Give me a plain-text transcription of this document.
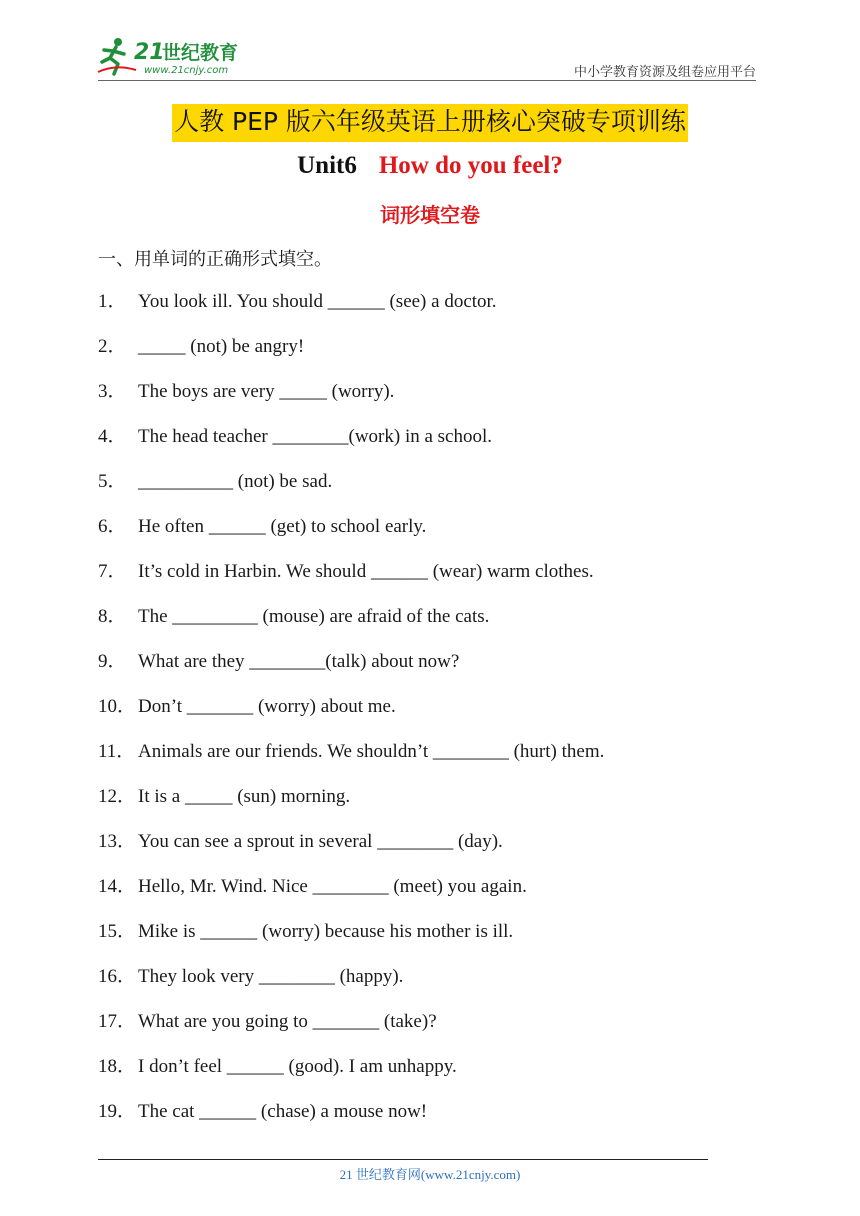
21
世纪教育
www.21cnjy.com	中小学教育资源及组卷应用平台
人教 PEP 版六年级英语上册核心突破专项训练
Unit6 How do you feel?
词形填空卷
一、用单词的正确形式填空。
1． You look ill. You should ______ (see) a doctor.
2． _____ (not) be angry!
3． The boys are very _____ (worry).
4． The head teacher ________(work) in a school.
5． __________ (not) be sad.
6． He often ______ (get) to school early.
7． It’s cold in Harbin. We should ______ (wear) warm clothes.
8． The _________ (mouse) are afraid of the cats.
9． What are they ________(talk) about now?
10． Don’t _______ (worry) about me.
11． Animals are our friends. We shouldn’t ________ (hurt) them.
12． It is a _____ (sun) morning.
13． You can see a sprout in several ________ (day).
14． Hello, Mr. Wind. Nice ________ (meet) you again.
15． Mike is ______ (worry) because his mother is ill.
16． They look very ________ (happy).
17． What are you going to _______ (take)?
18． I don’t feel ______ (good). I am unhappy.
19． The cat ______ (chase) a mouse now!
21 世纪教育网(www.21cnjy.com)
